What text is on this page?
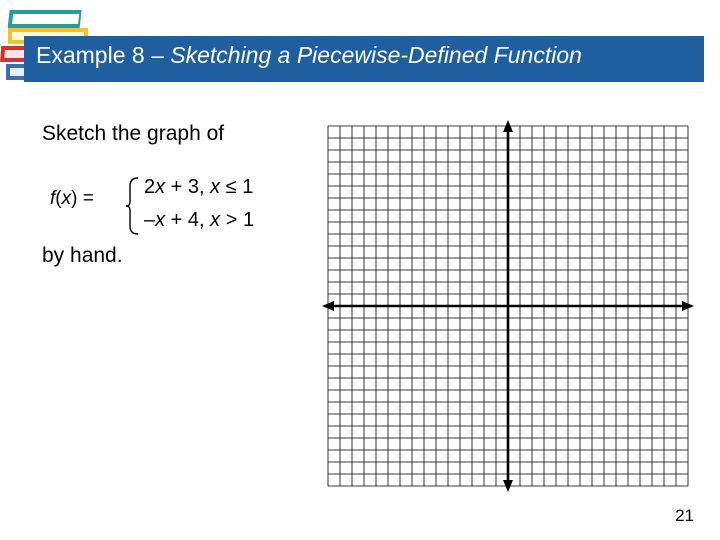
Example 8 – Sketching a Piecewise-Defined Function
Sketch the graph of
f(x) =
2x + 3, x ≤ 1
–x + 4, x > 1
by hand.
21
